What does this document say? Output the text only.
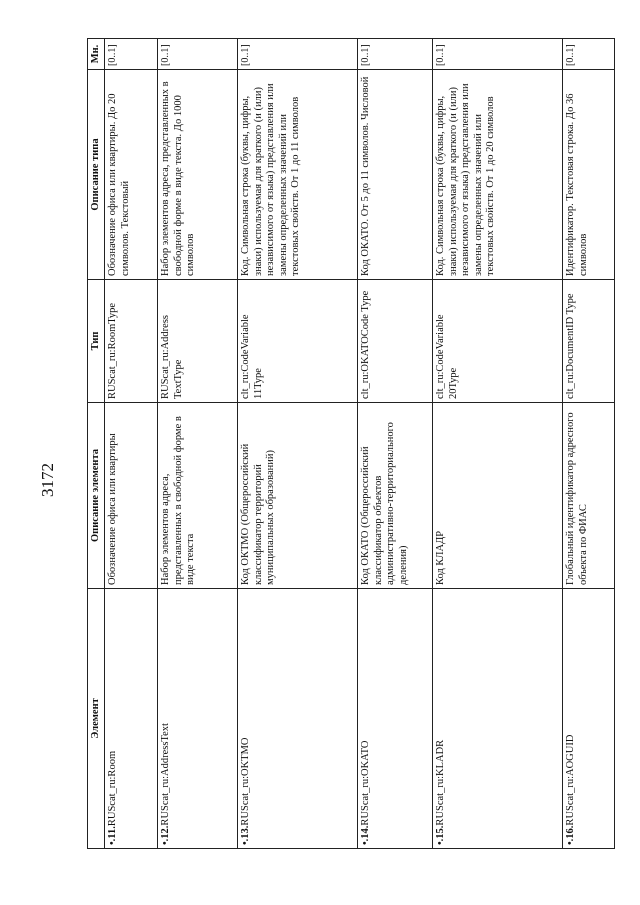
3172
Элемент	Описание элемента	Тип	Описание типа	Мн.
•.11.RUScat_ru:Room	Обозначение офиса или квартиры	RUScat_ru:RoomTyре	Обозначение офиса или квартиры. До 20 символов. Текстовый	[0..1]
•.12.RUScat_ru:AddressText	Набор элементов адреса, представленных в свободной форме в виде текста	RUScat_ru:Address TextType	Набор элементов адреса, представленных в свободной форме в виде текста. До 1000 символов	[0..1]
•.13.RUScat_ru:OKTMO	Код ОКТМО (Общероссийский классификатор территорий муниципальных образований)	clt_ru:CodeVariable 11Type	Код. Символьная строка (буквы, цифры, знаки) используемая для краткого (и (или) независимого от языка) представления или замены определенных значений или текстовых свойств. От 1 до 11 символов	[0..1]
•.14.RUScat_ru:OKATO	Код ОКАТО (Общероссийский классификатор объектов административно-территориального деления)	clt_ru:OKATOCode Type	Код ОКАТО. От 5 до 11 символов. Числовой	[0..1]
•.15.RUScat_ru:KLADR	Код КЛАДР	clt_ru:CodeVariable 20Type	Код. Символьная строка (буквы, цифры, знаки) используемая для краткого (и (или) независимого от языка) представления или замены определенных значений или текстовых свойств. От 1 до 20 символов	[0..1]
•.16.RUScat_ru:AOGUID	Глобальный идентификатор адресного объекта по ФИАС	clt_ru:DocumentID Type	Идентификатор. Текстовая строка. До 36 символов	[0..1]
